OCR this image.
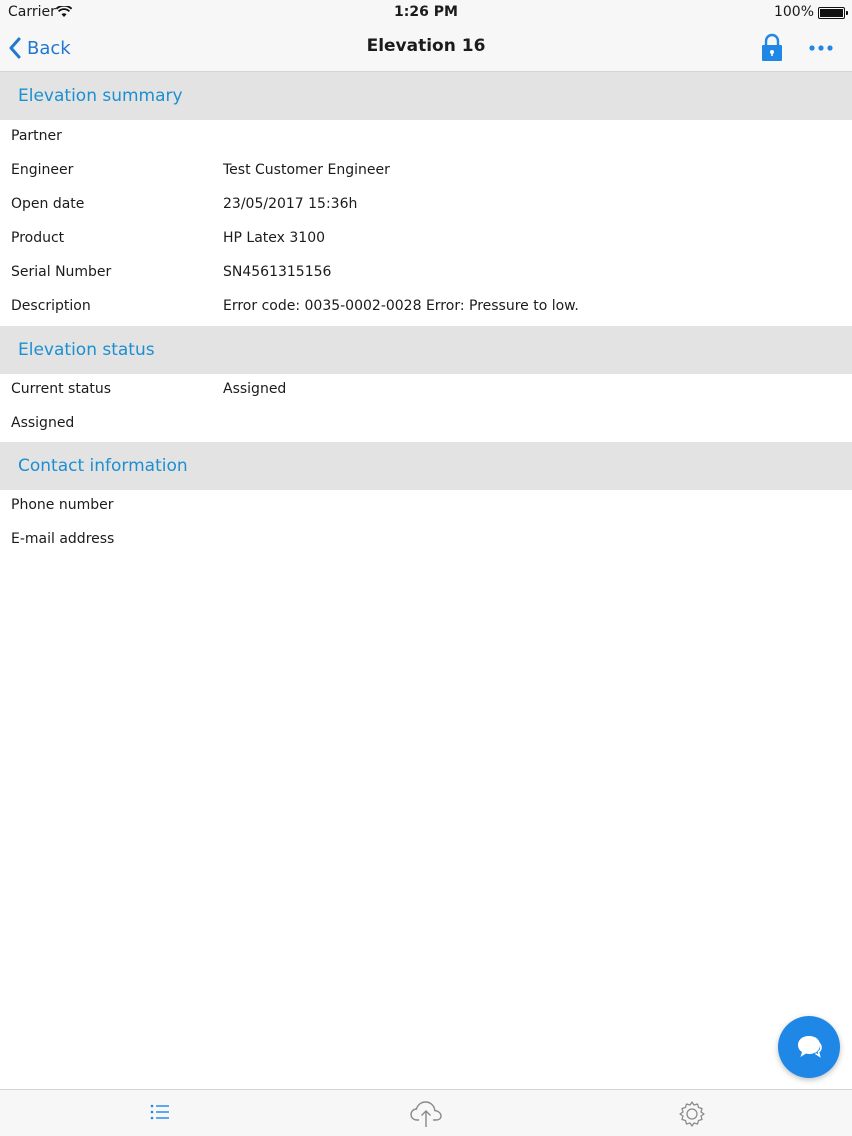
Carrier	1:26 PM	100%
Back	Elevation 16
Elevation summary
Partner
Engineer	Test Customer Engineer
Open date	23/05/2017 15:36h
Product	HP Latex 3100
Serial Number	SN4561315156
Description	Error code: 0035-0002-0028 Error: Pressure to low.
Elevation status
Current status	Assigned
Assigned
Contact information
Phone number
E-mail address
